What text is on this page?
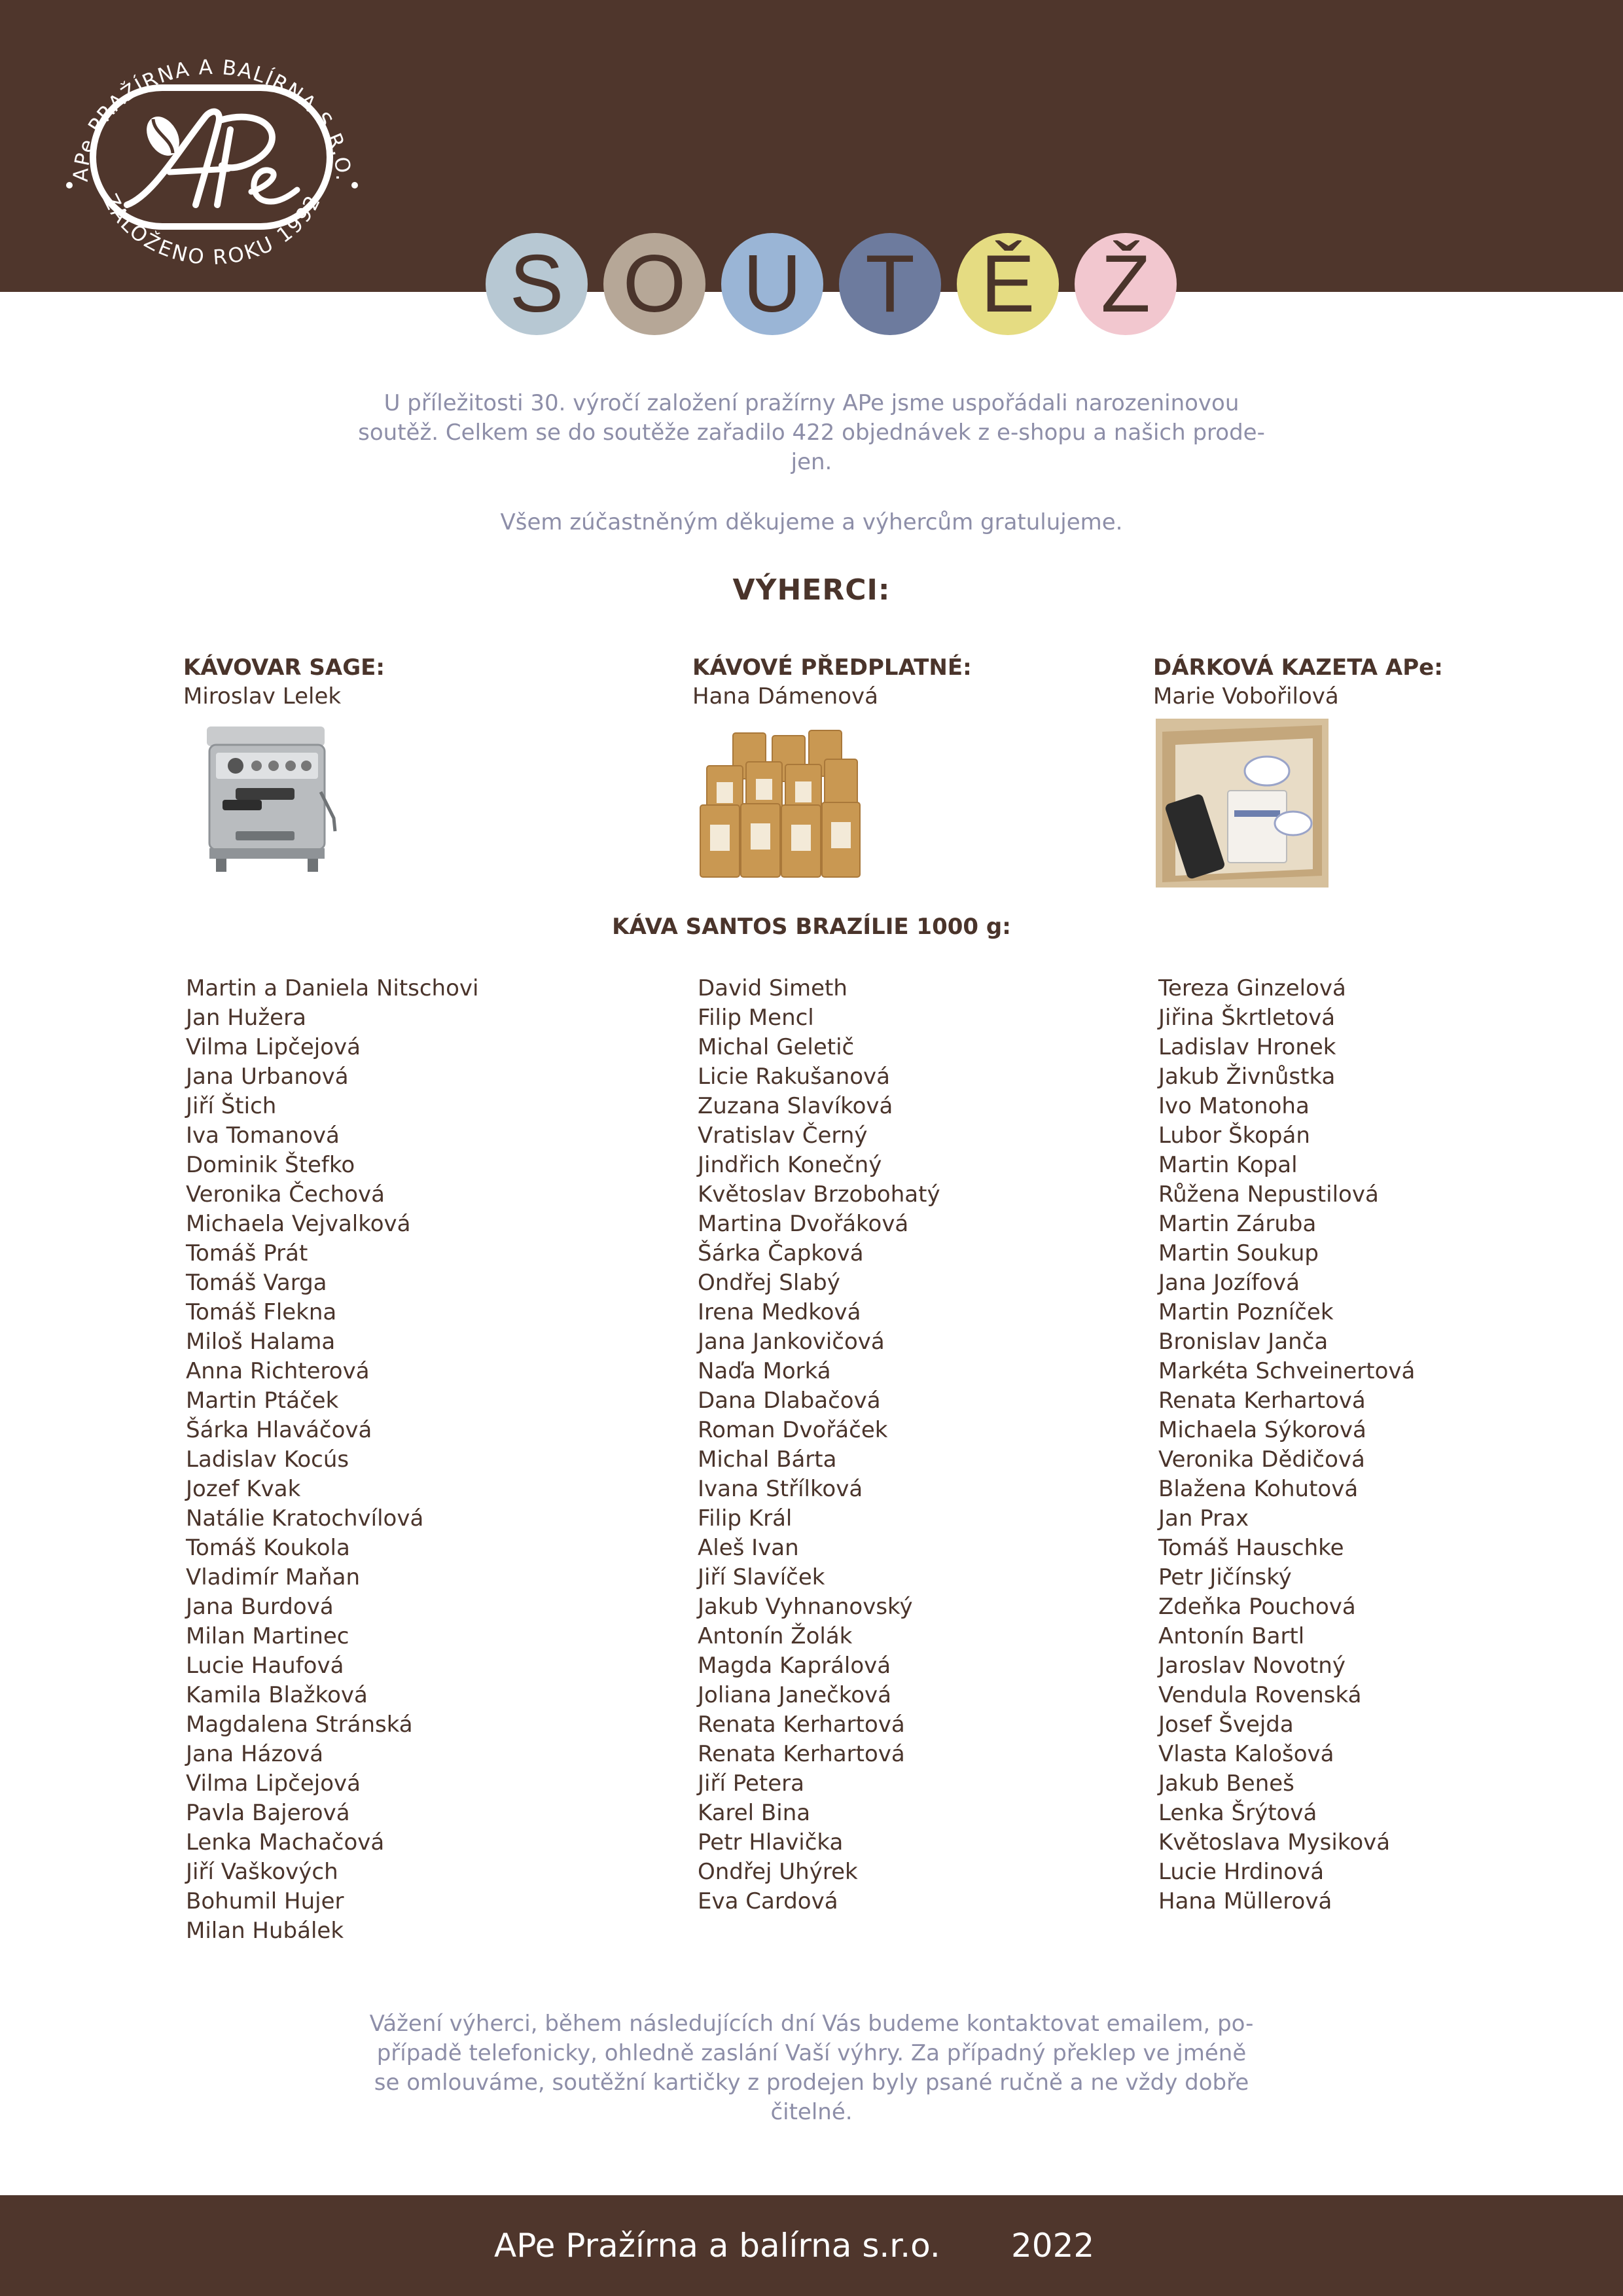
APe PRAŽÍRNA A BALÍRNA S.R.O.
ZALOŽENO ROKU 1992
S O U T Ě Ž
U příležitosti 30. výročí založení pražírny APe jsme uspořádali narozeninovou
soutěž. Celkem se do soutěže zařadilo 422 objednávek z e-shopu a našich prode-
jen.
Všem zúčastněným děkujeme a výhercům gratulujeme.
VÝHERCI:
KÁVOVAR SAGE:
Miroslav Lelek
KÁVOVÉ PŘEDPLATNÉ:
Hana Dámenová
DÁRKOVÁ KAZETA APe:
Marie Vobořilová
KÁVA SANTOS BRAZÍLIE 1000 g:
Martin a Daniela Nitschovi
Jan Hužera
Vilma Lipčejová
Jana Urbanová
Jiří Štich
Iva Tomanová
Dominik Štefko
Veronika Čechová
Michaela Vejvalková
Tomáš Prát
Tomáš Varga
Tomáš Flekna
Miloš Halama
Anna Richterová
Martin Ptáček
Šárka Hlaváčová
Ladislav Kocús
Jozef Kvak
Natálie Kratochvílová
Tomáš Koukola
Vladimír Maňan
Jana Burdová
Milan Martinec
Lucie Haufová
Kamila Blažková
Magdalena Stránská
Jana Házová
Vilma Lipčejová
Pavla Bajerová
Lenka Machačová
Jiří Vaškových
Bohumil Hujer
Milan Hubálek
David Simeth
Filip Mencl
Michal Geletič
Licie Rakušanová
Zuzana Slavíková
Vratislav Černý
Jindřich Konečný
Květoslav Brzobohatý
Martina Dvořáková
Šárka Čapková
Ondřej Slabý
Irena Medková
Jana Jankovičová
Naďa Morká
Dana Dlabačová
Roman Dvořáček
Michal Bárta
Ivana Střílková
Filip Král
Aleš Ivan
Jiří Slavíček
Jakub Vyhnanovský
Antonín Žolák
Magda Kaprálová
Joliana Janečková
Renata Kerhartová
Renata Kerhartová
Jiří Petera
Karel Bina
Petr Hlavička
Ondřej Uhýrek
Eva Cardová
Tereza Ginzelová
Jiřina Škrtletová
Ladislav Hronek
Jakub Živnůstka
Ivo Matonoha
Lubor Škopán
Martin Kopal
Růžena Nepustilová
Martin Záruba
Martin Soukup
Jana Jozífová
Martin Pozníček
Bronislav Janča
Markéta Schveinertová
Renata Kerhartová
Michaela Sýkorová
Veronika Dědičová
Blažena Kohutová
Jan Prax
Tomáš Hauschke
Petr Jičínský
Zdeňka Pouchová
Antonín Bartl
Jaroslav Novotný
Vendula Rovenská
Josef Švejda
Vlasta Kalošová
Jakub Beneš
Lenka Šrýtová
Květoslava Mysiková
Lucie Hrdinová
Hana Müllerová
Vážení výherci, během následujících dní Vás budeme kontaktovat emailem, po-
případě telefonicky, ohledně zaslání Vaší výhry. Za případný překlep ve jméně
se omlouváme, soutěžní kartičky z prodejen byly psané ručně a ne vždy dobře
čitelné.
APe Pražírna a balírna s.r.o. 2022
